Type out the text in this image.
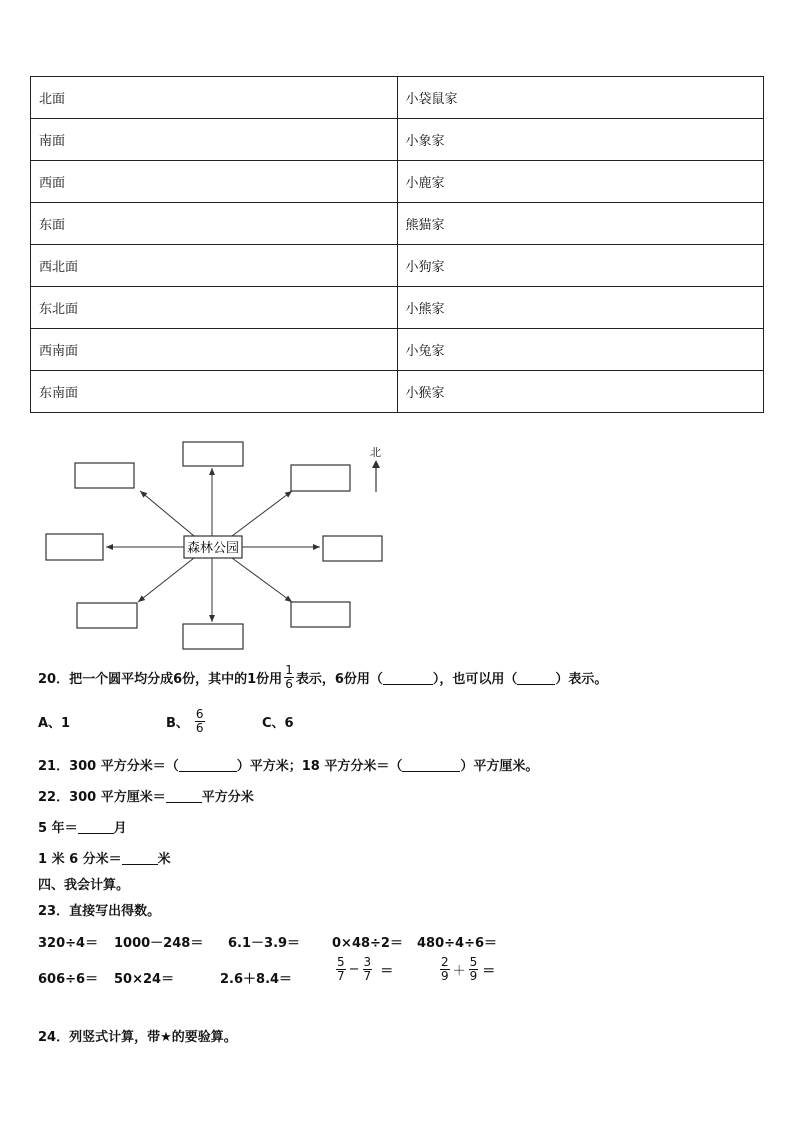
北面	小袋鼠家
南面	小象家
西面	小鹿家
东面	熊猫家
西北面	小狗家
东北面	小熊家
西南面	小兔家
东南面	小猴家
森林公园
北
20．把一个圆平均分成6份，其中的1份用 $\frac{1}{6}$ 表示，6份用（	），也可以用（	）表示。
A、1	B、 $\frac{6}{6}$	C、6
21．300 平方分米＝（	）平方米；18 平方分米＝（	）平方厘米。
22．300 平方厘米＝	平方分米
5 年＝	月
1 米 6 分米＝	米
四、我会计算。
23．直接写出得数。
320÷4＝ 1000－248＝ 6.1－3.9＝ 0×48÷2＝ 480÷4÷6＝
606÷6＝ 50×24＝	2.6＋8.4＝	$\frac{5}{7} - \frac{3}{7}$ ＝	$\frac{2}{9} + \frac{5}{9}$ ＝
24．列竖式计算，带★的要验算。
